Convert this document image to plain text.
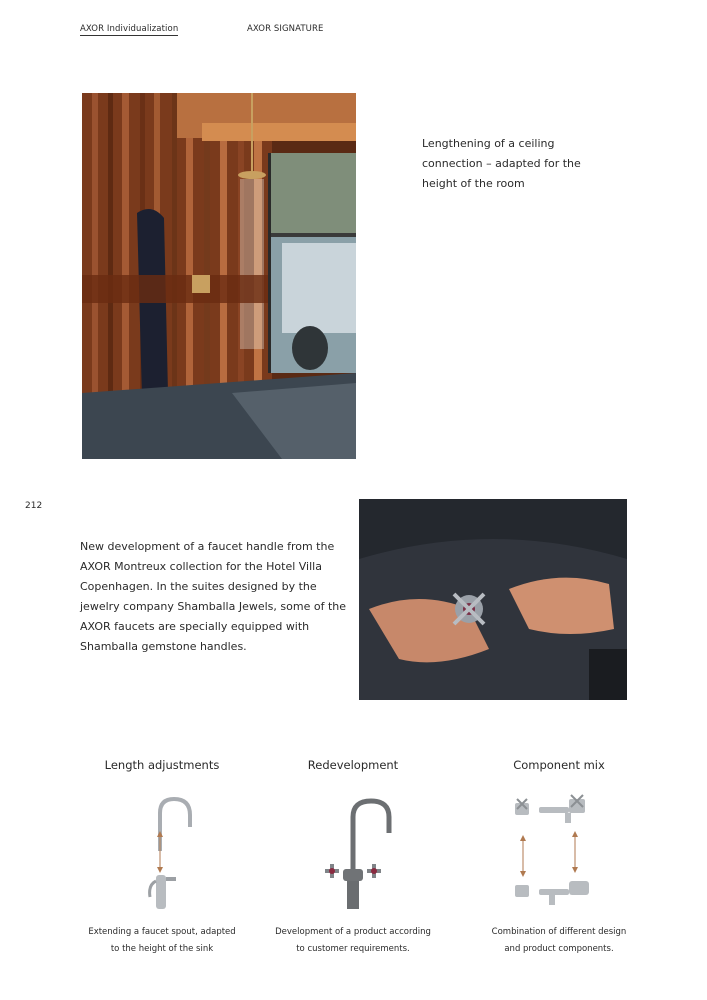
AXOR Individualization	AXOR SIGNATURE
Lengthening of a ceiling connection – adapted for the height of the room
212
New development of a faucet handle from the AXOR Montreux collection for the Hotel Villa Copenhagen. In the suites designed by the jewelry company Shamballa Jewels, some of the AXOR faucets are specially equipped with Shamballa gemstone handles.
Length adjustments
Extending a faucet spout, adapted
to the height of the sink
Redevelopment
Development of a product according
to customer requirements.
Component mix
Combination of different design
and product components.
